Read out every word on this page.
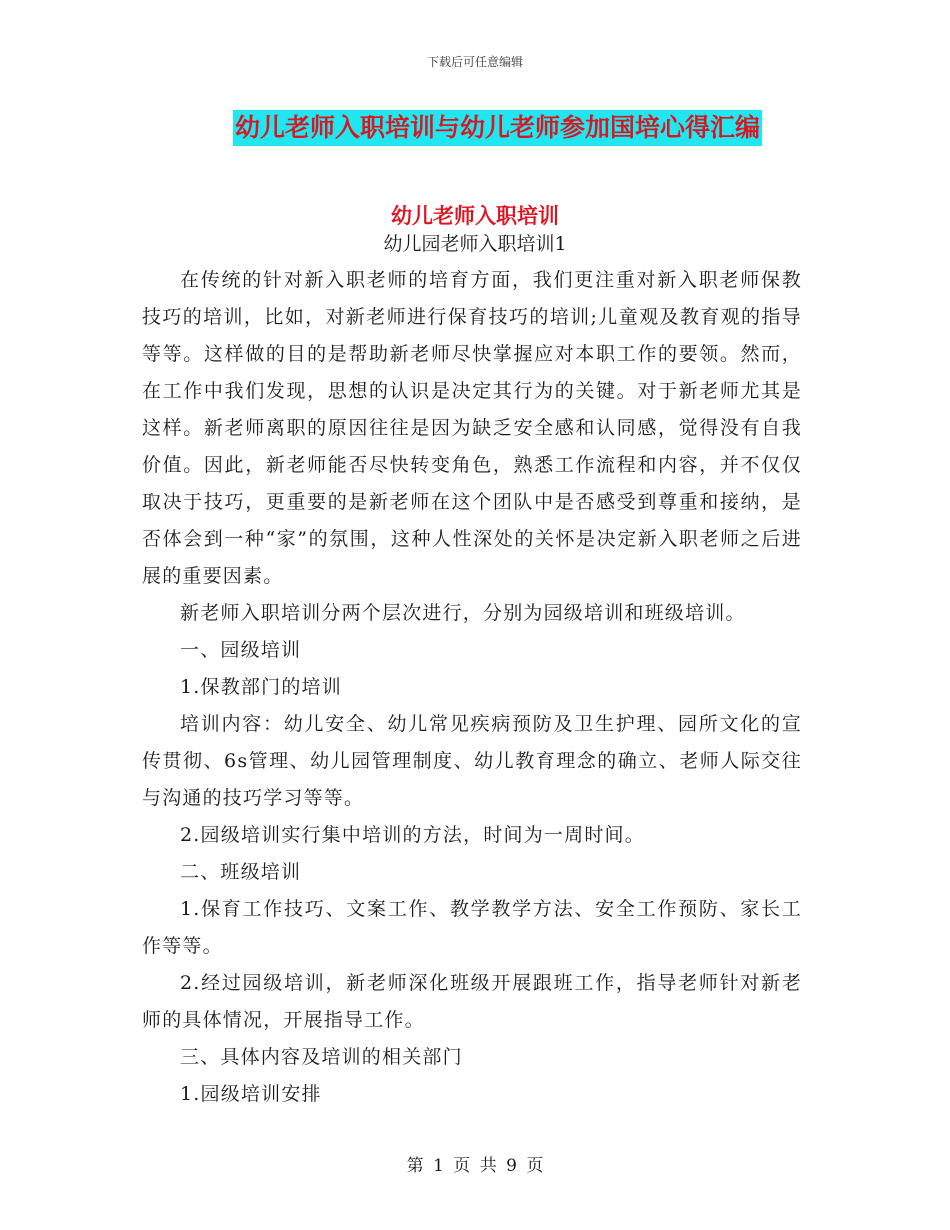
下载后可任意编辑
幼儿老师入职培训与幼儿老师参加国培心得汇编
幼儿老师入职培训
幼儿园老师入职培训1

在传统的针对新入职老师的培育方面，我们更注重对新入职老师保教技巧的培训，比如，对新老师进行保育技巧的培训;儿童观及教育观的指导等等。这样做的目的是帮助新老师尽快掌握应对本职工作的要领。然而，在工作中我们发现，思想的认识是决定其行为的关键。对于新老师尤其是这样。新老师离职的原因往往是因为缺乏安全感和认同感，觉得没有自我价值。因此，新老师能否尽快转变角色，熟悉工作流程和内容，并不仅仅取决于技巧，更重要的是新老师在这个团队中是否感受到尊重和接纳，是否体会到一种“家”的氛围，这种人性深处的关怀是决定新入职老师之后进展的重要因素。

新老师入职培训分两个层次进行，分别为园级培训和班级培训。

一、园级培训

1.保教部门的培训

培训内容：幼儿安全、幼儿常见疾病预防及卫生护理、园所文化的宣传贯彻、6s管理、幼儿园管理制度、幼儿教育理念的确立、老师人际交往与沟通的技巧学习等等。

2.园级培训实行集中培训的方法，时间为一周时间。

二、班级培训

1.保育工作技巧、文案工作、教学教学方法、安全工作预防、家长工作等等。

2.经过园级培训，新老师深化班级开展跟班工作，指导老师针对新老师的具体情况，开展指导工作。

三、具体内容及培训的相关部门

1.园级培训安排

第 1 页 共 9 页
